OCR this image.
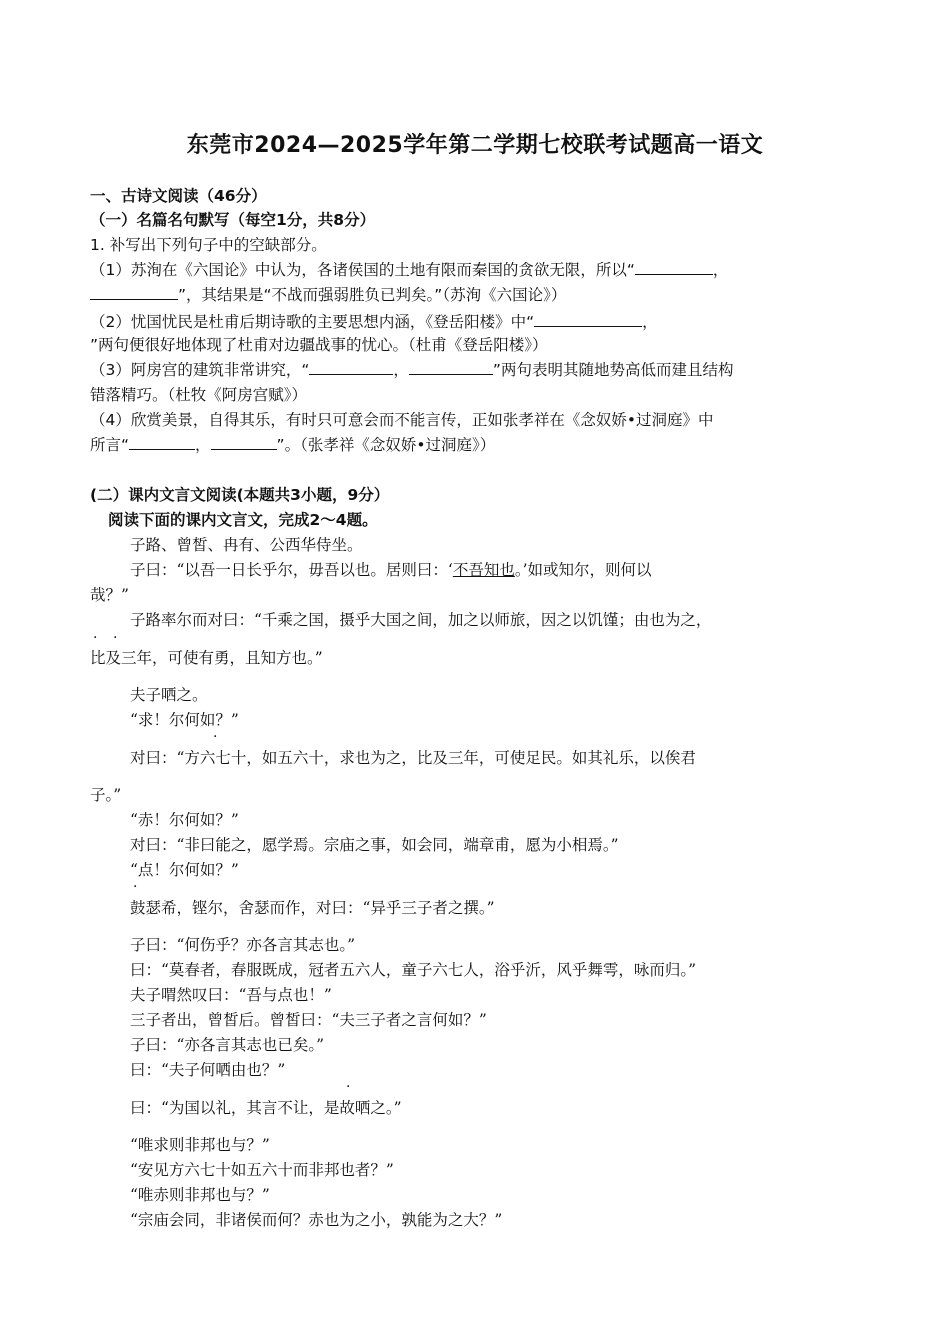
东莞市2024—2025学年第二学期七校联考试题高一语文
一、古诗文阅读（46分）
（一）名篇名句默写（每空1分，共8分）
1. 补写出下列句子中的空缺部分。
（1）苏洵在《六国论》中认为，各诸侯国的土地有限而秦国的贪欲无限，所以“	，
”，其结果是“不战而强弱胜负已判矣。”（苏洵《六国论》）
（2）忧国忧民是杜甫后期诗歌的主要思想内涵，《登岳阳楼》中“	，
”两句便很好地体现了杜甫对边疆战事的忧心。（杜甫《登岳阳楼》）
（3）阿房宫的建筑非常讲究，“	，	”两句表明其随地势高低而建且结构
错落精巧。（杜牧《阿房宫赋》）
（4）欣赏美景，自得其乐，有时只可意会而不能言传，正如张孝祥在《念奴娇•过洞庭》中
所言“	，	”。（张孝祥《念奴娇•过洞庭》）
(二）课内文言文阅读(本题共3小题，9分）
阅读下面的课内文言文，完成2～4题。
子路、曾皙、冉有、公西华侍坐。
子曰：“以吾一日长乎尔，毋吾以也。居则曰：‘不吾知也。’如或知尔，则何以
哉？”
子路率尔而对曰：“千乘之国，摄乎大国之间，加之以师旅，因之以饥馑；由也为之，
· ·
比及三年，可使有勇，且知方也。”
夫子哂之。
“求！尔何如？”
·
对曰：“方六七十，如五六十，求也为之，比及三年，可使足民。如其礼乐，以俟君
子。”
“赤！尔何如？”
对曰：“非曰能之，愿学焉。宗庙之事，如会同，端章甫，愿为小相焉。”
“点！尔何如？”
·
鼓瑟希，铿尔，舍瑟而作，对曰：“异乎三子者之撰。”
子曰：“何伤乎？亦各言其志也。”
曰：“莫春者，春服既成，冠者五六人，童子六七人，浴乎沂，风乎舞雩，咏而归。”
夫子喟然叹曰：“吾与点也！”
三子者出，曾皙后。曾皙曰：“夫三子者之言何如？”
子曰：“亦各言其志也已矣。”
曰：“夫子何哂由也？”
·
曰：“为国以礼，其言不让，是故哂之。”
“唯求则非邦也与？”
“安见方六七十如五六十而非邦也者？”
“唯赤则非邦也与？”
“宗庙会同，非诸侯而何？赤也为之小，孰能为之大？”
